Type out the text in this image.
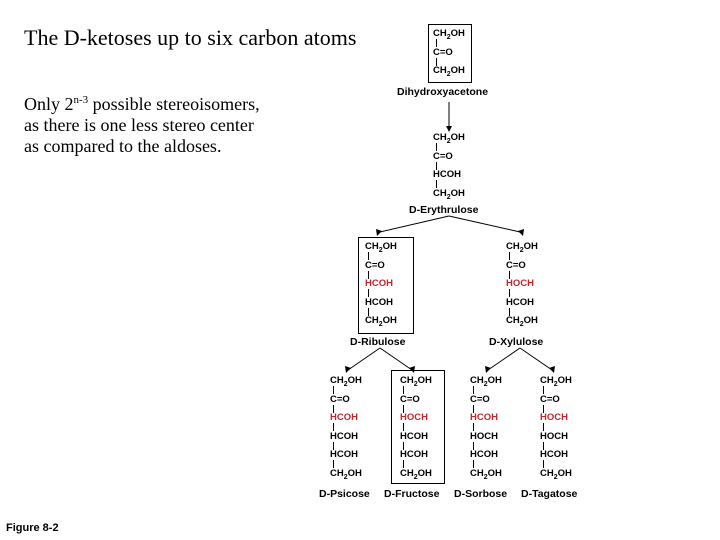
The D-ketoses up to six carbon atoms
Only 2$^{n-3}$ possible stereoisomers,
as there is one less stereo center
as compared to the aldoses.
$CH_2OH$
C=O
$CH_2OH$
Dihydroxyacetone
$CH_2OH$
C=O
HCOH
$CH_2OH$
D-Erythrulose
$CH_2OH$
C=O
HCOH
HCOH
$CH_2OH$
D-Ribulose
$CH_2OH$
C=O
HOCH
HCOH
$CH_2OH$
D-Xylulose
$CH_2OH$
C=O
HCOH
HCOH
HCOH
$CH_2OH$
D-Psicose
$CH_2OH$
C=O
HOCH
HCOH
HCOH
$CH_2OH$
D-Fructose
$CH_2OH$
C=O
HCOH
HOCH
HCOH
$CH_2OH$
D-Sorbose
$CH_2OH$
C=O
HOCH
HOCH
HCOH
$CH_2OH$
D-Tagatose
Figure 8-2
